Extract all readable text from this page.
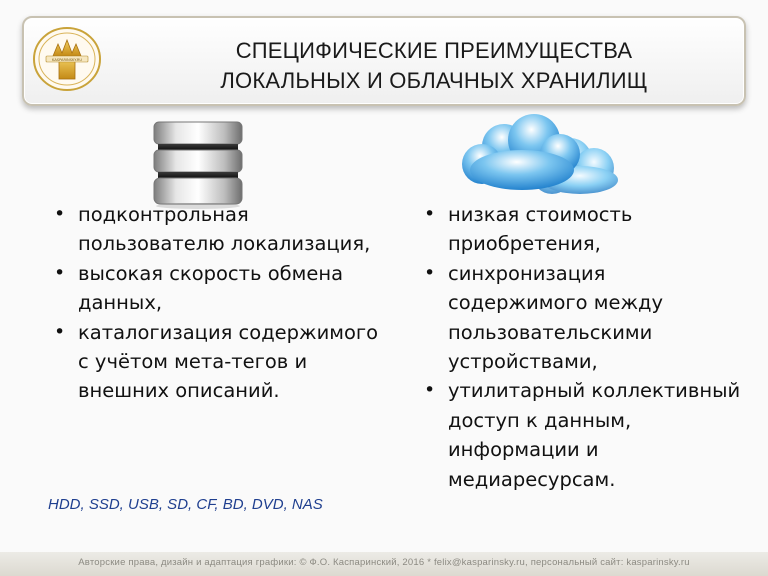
СПЕЦИФИЧЕСКИЕ ПРЕИМУЩЕСТВА
ЛОКАЛЬНЫХ И ОБЛАЧНЫХ ХРАНИЛИЩ
KASPARINSKY.RU
• подконтрольная пользователю локализация,
• высокая скорость обмена данных,
• каталогизация содержимого с учётом мета-тегов и внешних описаний.
HDD, SSD, USB, SD, CF, BD, DVD, NAS
• низкая стоимость приобретения,
• синхронизация содержимого между пользовательскими устройствами,
• утилитарный коллективный доступ к данным, информации и медиаресурсам.
Авторские права, дизайн и адаптация графики: © Ф.О. Каспаринский, 2016 * felix@kasparinsky.ru, персональный сайт: kasparinsky.ru
